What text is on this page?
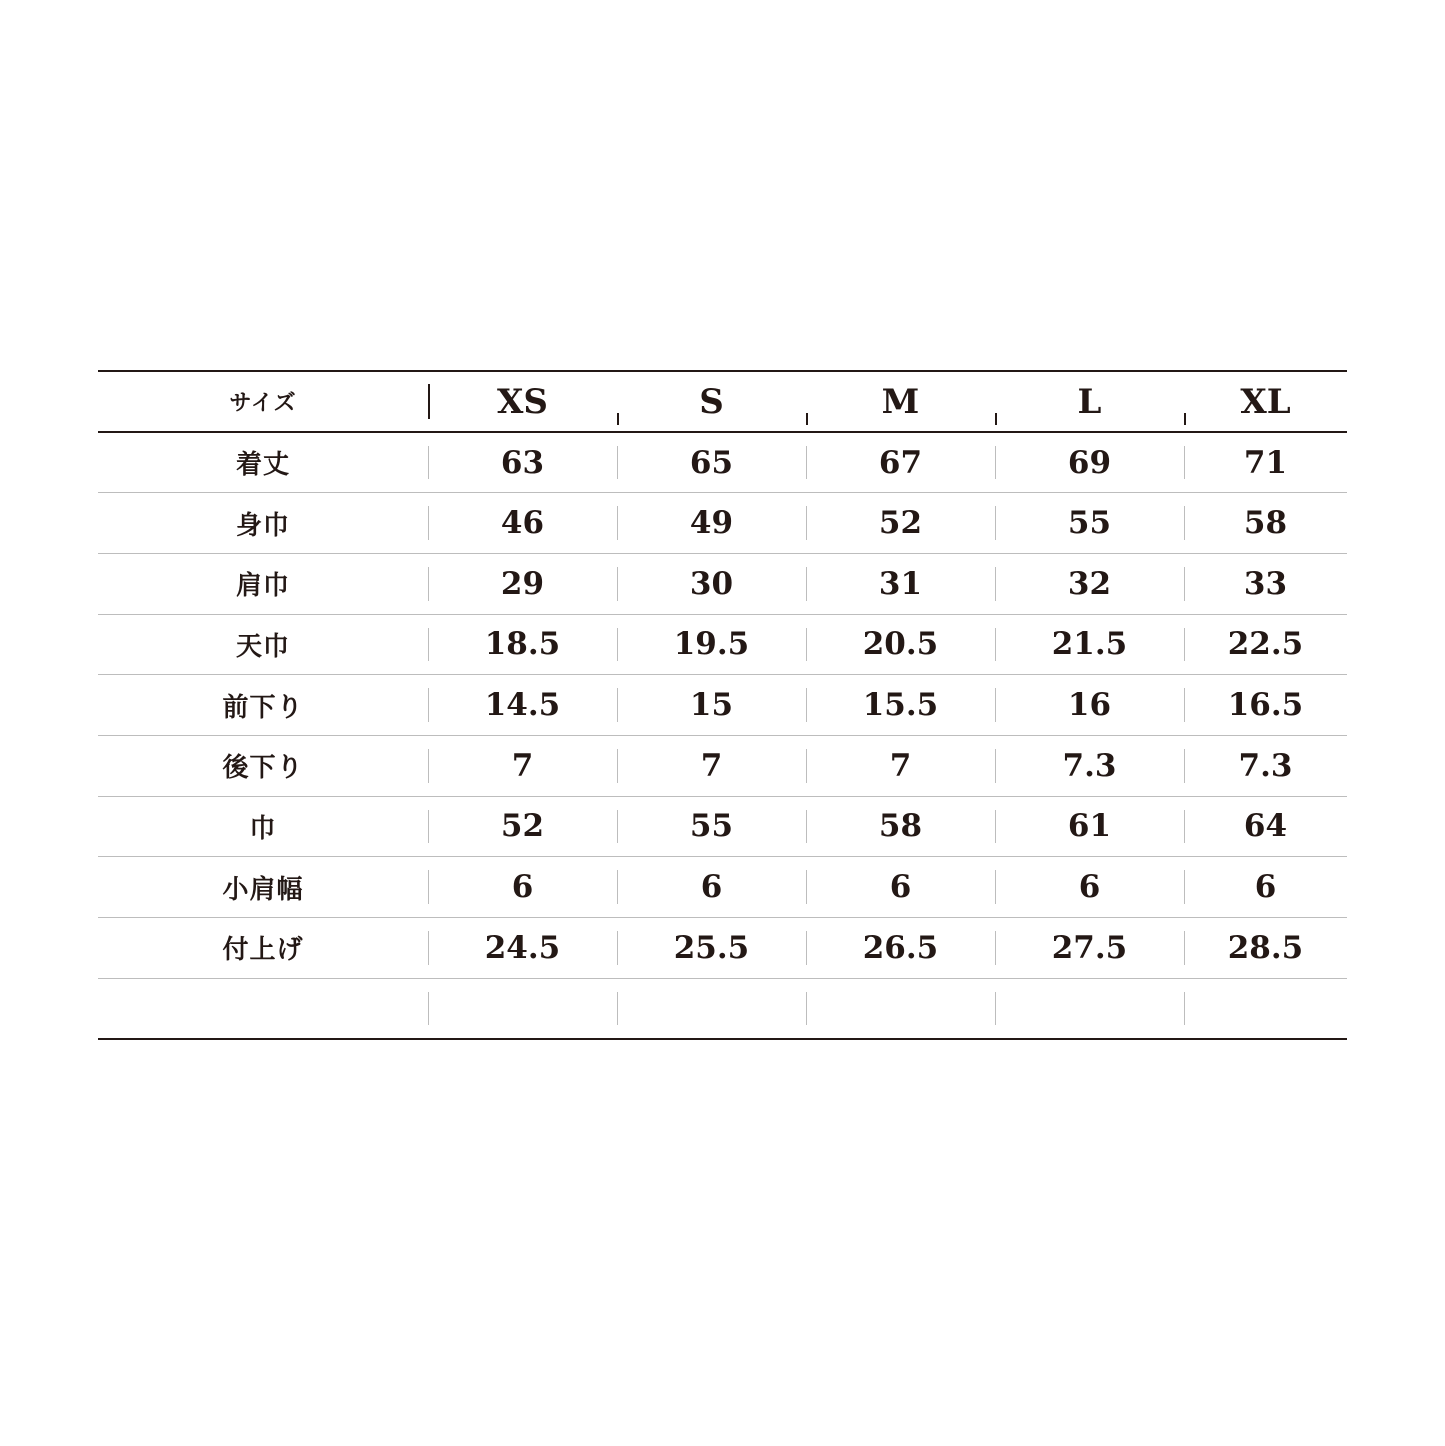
サイズ	XS	S	M	L	XL
着丈	63	65	67	69	71
身巾	46	49	52	55	58
肩巾	29	30	31	32	33
天巾	18.5	19.5	20.5	21.5	22.5
前下り	14.5	15	15.5	16	16.5
後下り	7	7	7	7.3	7.3
巾	52	55	58	61	64
小肩幅	6	6	6	6	6
付上げ	24.5	25.5	26.5	27.5	28.5
